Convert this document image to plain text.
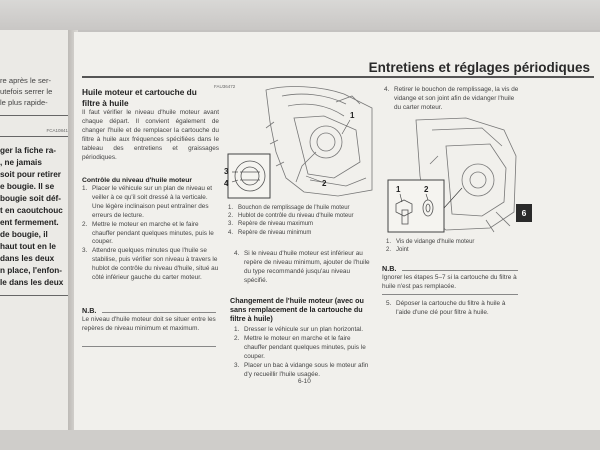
re après le ser-
utefois serrer le
le plus rapide-
FCA10841
ger la fiche ra-
, ne jamais
soit pour retirer
e bougie. Il se
bougie soit déf-
t en caoutchouc
ent fermement.
de bougie, il
haut tout en le
dans les deux
n place, l'enfon-
le dans les deux
Entretiens et réglages périodiques
FAU36472
Huile moteur et cartouche du filtre à huile
Il faut vérifier le niveau d'huile moteur avant chaque départ. Il convient également de changer l'huile et de remplacer la cartouche du filtre à huile aux fréquences spécifiées dans le tableau des entretiens et graissages périodiques.
Contrôle du niveau d'huile moteur
1. Placer le véhicule sur un plan de niveau et veiller à ce qu'il soit dressé à la verticale. Une légère inclinaison peut entraîner des erreurs de lecture.
2. Mettre le moteur en marche et le faire chauffer pendant quelques minutes, puis le couper.
3. Attendre quelques minutes que l'huile se stabilise, puis vérifier son niveau à travers le hublot de contrôle du niveau d'huile, situé au côté inférieur gauche du carter moteur.
N.B.
Le niveau d'huile moteur doit se situer entre les repères de niveau minimum et maximum.
1
2
3
4
1. Bouchon de remplissage de l'huile moteur
2. Hublot de contrôle du niveau d'huile moteur
3. Repère de niveau maximum
4. Repère de niveau minimum
4. Si le niveau d'huile moteur est inférieur au repère de niveau minimum, ajouter de l'huile du type recommandé jusqu'au niveau spécifié.
Changement de l'huile moteur (avec ou sans remplacement de la cartouche du filtre à huile)
1. Dresser le véhicule sur un plan horizontal.
2. Mettre le moteur en marche et le faire chauffer pendant quelques minutes, puis le couper.
3. Placer un bac à vidange sous le moteur afin d'y recueillir l'huile usagée.
6-10
4. Retirer le bouchon de remplissage, la vis de vidange et son joint afin de vidanger l'huile du carter moteur.
1	2
1. Vis de vidange d'huile moteur
2. Joint
N.B.
Ignorer les étapes 5–7 si la cartouche du filtre à huile n'est pas remplacée.
5. Déposer la cartouche du filtre à huile à l'aide d'une clé pour filtre à huile.
6
